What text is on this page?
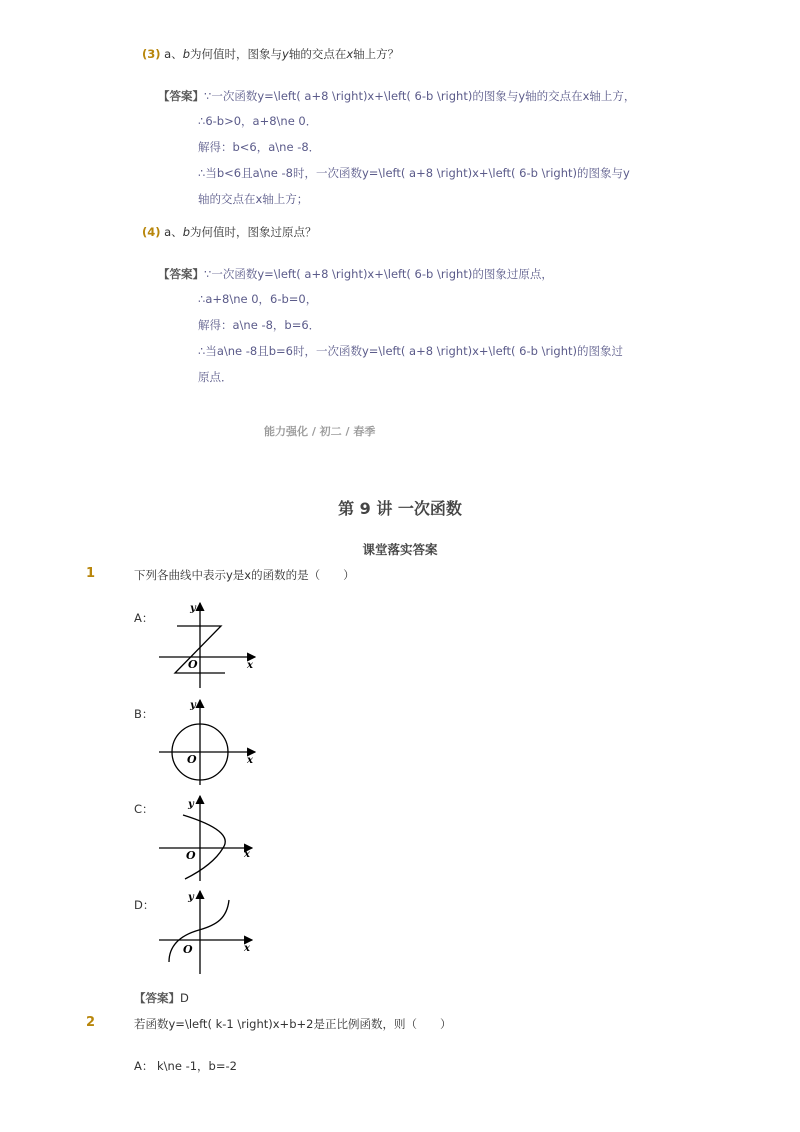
(3) a、b为何值时，图象与y轴的交点在x轴上方？
【答案】∵一次函数y=\left( a+8 \right)x+\left( 6-b \right)的图象与y轴的交点在x轴上方，
∴6-b>0，a+8\ne 0．
解得：b<6，a\ne -8．
∴当b<6且a\ne -8时，一次函数y=\left( a+8 \right)x+\left( 6-b \right)的图象与y
轴的交点在x轴上方；
(4) a、b为何值时，图象过原点？
【答案】∵一次函数y=\left( a+8 \right)x+\left( 6-b \right)的图象过原点，
∴a+8\ne 0，6-b=0，
解得：a\ne -8，b=6．
∴当a\ne -8且b=6时，一次函数y=\left( a+8 \right)x+\left( 6-b \right)的图象过
原点．
能力强化 / 初二 / 春季
第 9 讲 一次函数
课堂落实答案
1	下列各曲线中表示y是x的函数的是（　　）
A：
B：
C：
D：
y
x
O
y
x
O
y
x
O
y
x
O
【答案】D
2	若函数y=\left( k-1 \right)x+b+2是正比例函数，则（　　）
A： k\ne -1，b=-2
